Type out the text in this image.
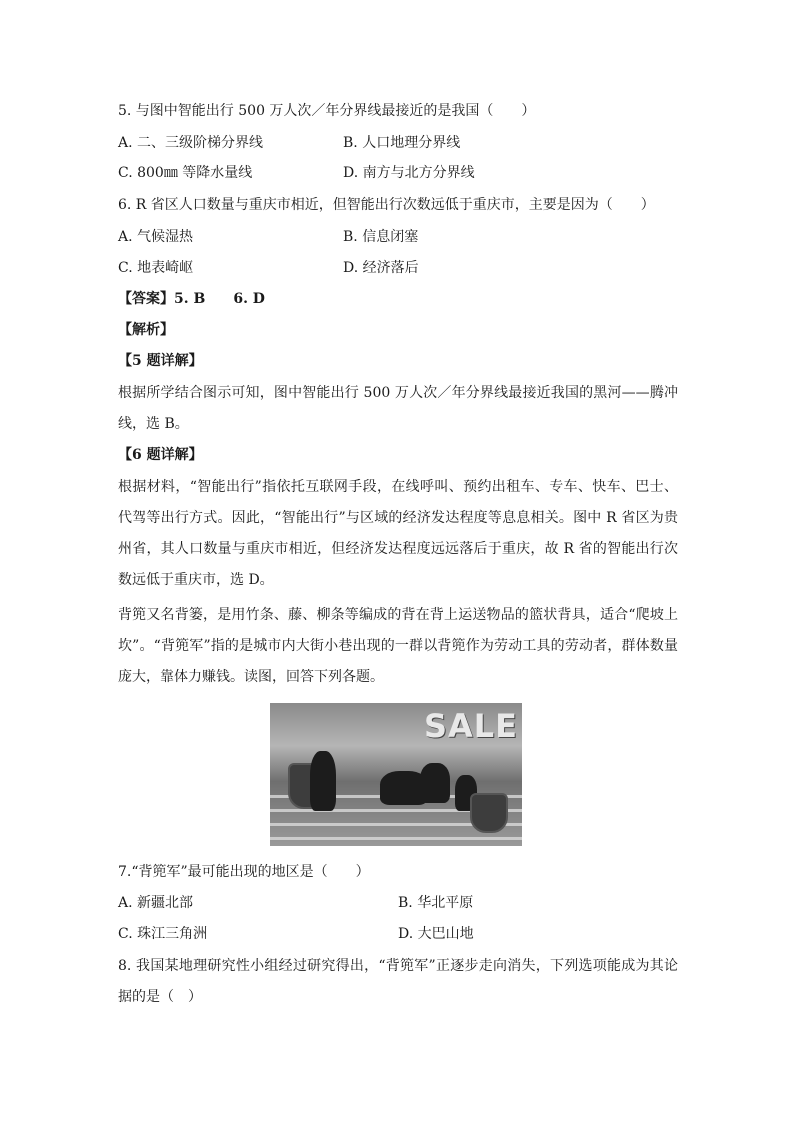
5. 与图中智能出行 500 万人次／年分界线最接近的是我国（　　）
A. 二、三级阶梯分界线	B. 人口地理分界线
C. 800㎜ 等降水量线	D. 南方与北方分界线
6. R 省区人口数量与重庆市相近，但智能出行次数远低于重庆市，主要是因为（　　）
A. 气候湿热	B. 信息闭塞
C. 地表崎岖	D. 经济落后
【答案】5. B　　6. D
【解析】
【5 题详解】
根据所学结合图示可知，图中智能出行 500 万人次／年分界线最接近我国的黑河——腾冲线，选 B。
【6 题详解】
根据材料，“智能出行”指依托互联网手段，在线呼叫、预约出租车、专车、快车、巴士、代驾等出行方式。因此，“智能出行”与区域的经济发达程度等息息相关。图中 R 省区为贵州省，其人口数量与重庆市相近，但经济发达程度远远落后于重庆，故 R 省的智能出行次数远低于重庆市，选 D。
背篼又名背篓，是用竹条、藤、柳条等编成的背在背上运送物品的篮状背具，适合“爬坡上坎”。“背篼军”指的是城市内大街小巷出现的一群以背篼作为劳动工具的劳动者，群体数量庞大，靠体力赚钱。读图，回答下列各题。
SALE
7.“背篼军”最可能出现的地区是（　　）
A. 新疆北部	B. 华北平原
C. 珠江三角洲	D. 大巴山地
8. 我国某地理研究性小组经过研究得出，“背篼军”正逐步走向消失，下列选项能成为其论据的是（　）
